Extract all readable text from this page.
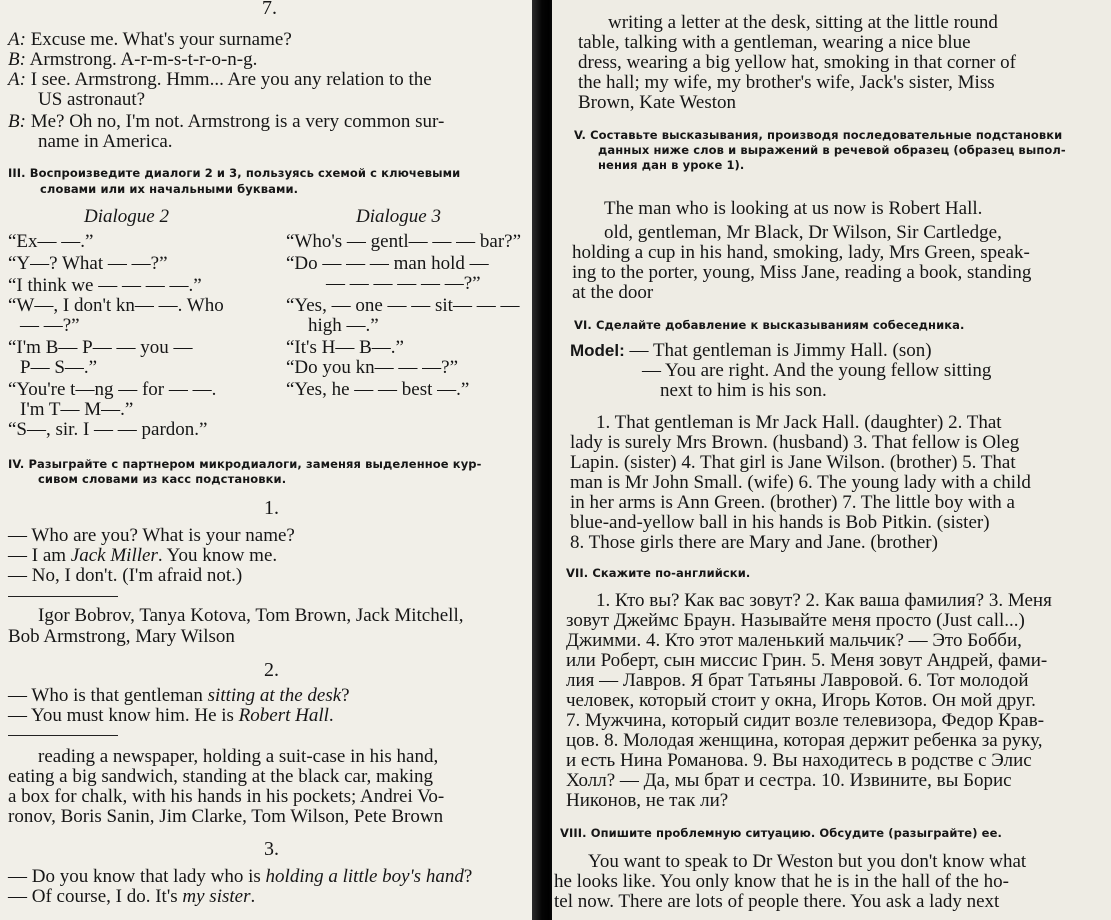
7.
A: Excuse me. What's your surname?
B: Armstrong. A-r-m-s-t-r-o-n-g.
A: I see. Armstrong. Hmm... Are you any relation to the
US astronaut?
B: Me? Oh no, I'm not. Armstrong is a very common sur-
name in America.
III. Воспроизведите диалоги 2 и 3, пользуясь схемой с ключевыми
словами или их начальными буквами.
Dialogue 2
“Ex— —.”
“Y—? What — —?”
“I think we — — — —.”
“W—, I don't kn— —. Who
— —?”
“I'm B— P— — you —
P— S—.”
“You're t—ng — for — —.
I'm T— M—.”
“S—, sir. I — — pardon.”
Dialogue 3
“Who's — gentl— — — bar?”
“Do — — — man hold —
— — — — — —?”
“Yes, — one — — sit— — —
high —.”
“It's H— B—.”
“Do you kn— — —?”
“Yes, he — — best —.”
IV. Разыграйте с партнером микродиалоги, заменяя выделенное кур-
сивом словами из касс подстановки.
1.
— Who are you? What is your name?
— I am Jack Miller. You know me.
— No, I don't. (I'm afraid not.)
Igor Bobrov, Tanya Kotova, Tom Brown, Jack Mitchell,
Bob Armstrong, Mary Wilson
2.
— Who is that gentleman sitting at the desk?
— You must know him. He is Robert Hall.
reading a newspaper, holding a suit-case in his hand,
eating a big sandwich, standing at the black car, making
a box for chalk, with his hands in his pockets; Andrei Vo-
ronov, Boris Sanin, Jim Clarke, Tom Wilson, Pete Brown
3.
— Do you know that lady who is holding a little boy's hand?
— Of course, I do. It's my sister.
writing a letter at the desk, sitting at the little round
table, talking with a gentleman, wearing a nice blue
dress, wearing a big yellow hat, smoking in that corner of
the hall; my wife, my brother's wife, Jack's sister, Miss
Brown, Kate Weston
V. Составьте высказывания, производя последовательные подстановки
данных ниже слов и выражений в речевой образец (образец выпол-
нения дан в уроке 1).
The man who is looking at us now is Robert Hall.
old, gentleman, Mr Black, Dr Wilson, Sir Cartledge,
holding a cup in his hand, smoking, lady, Mrs Green, speak-
ing to the porter, young, Miss Jane, reading a book, standing
at the door
VI. Сделайте добавление к высказываниям собеседника.
Model: — That gentleman is Jimmy Hall. (son)
— You are right. And the young fellow sitting
next to him is his son.
1. That gentleman is Mr Jack Hall. (daughter) 2. That
lady is surely Mrs Brown. (husband) 3. That fellow is Oleg
Lapin. (sister) 4. That girl is Jane Wilson. (brother) 5. That
man is Mr John Small. (wife) 6. The young lady with a child
in her arms is Ann Green. (brother) 7. The little boy with a
blue-and-yellow ball in his hands is Bob Pitkin. (sister)
8. Those girls there are Mary and Jane. (brother)
VII. Скажите по-английски.
1. Кто вы? Как вас зовут? 2. Как ваша фамилия? 3. Меня
зовут Джеймс Браун. Называйте меня просто (Just call...)
Джимми. 4. Кто этот маленький мальчик? — Это Бобби,
или Роберт, сын миссис Грин. 5. Меня зовут Андрей, фами-
лия — Лавров. Я брат Татьяны Лавровой. 6. Тот молодой
человек, который стоит у окна, Игорь Котов. Он мой друг.
7. Мужчина, который сидит возле телевизора, Федор Крав-
цов. 8. Молодая женщина, которая держит ребенка за руку,
и есть Нина Романова. 9. Вы находитесь в родстве с Элис
Холл? — Да, мы брат и сестра. 10. Извините, вы Борис
Никонов, не так ли?
VIII. Опишите проблемную ситуацию. Обсудите (разыграйте) ее.
You want to speak to Dr Weston but you don't know what
he looks like. You only know that he is in the hall of the ho-
tel now. There are lots of people there. You ask a lady next
